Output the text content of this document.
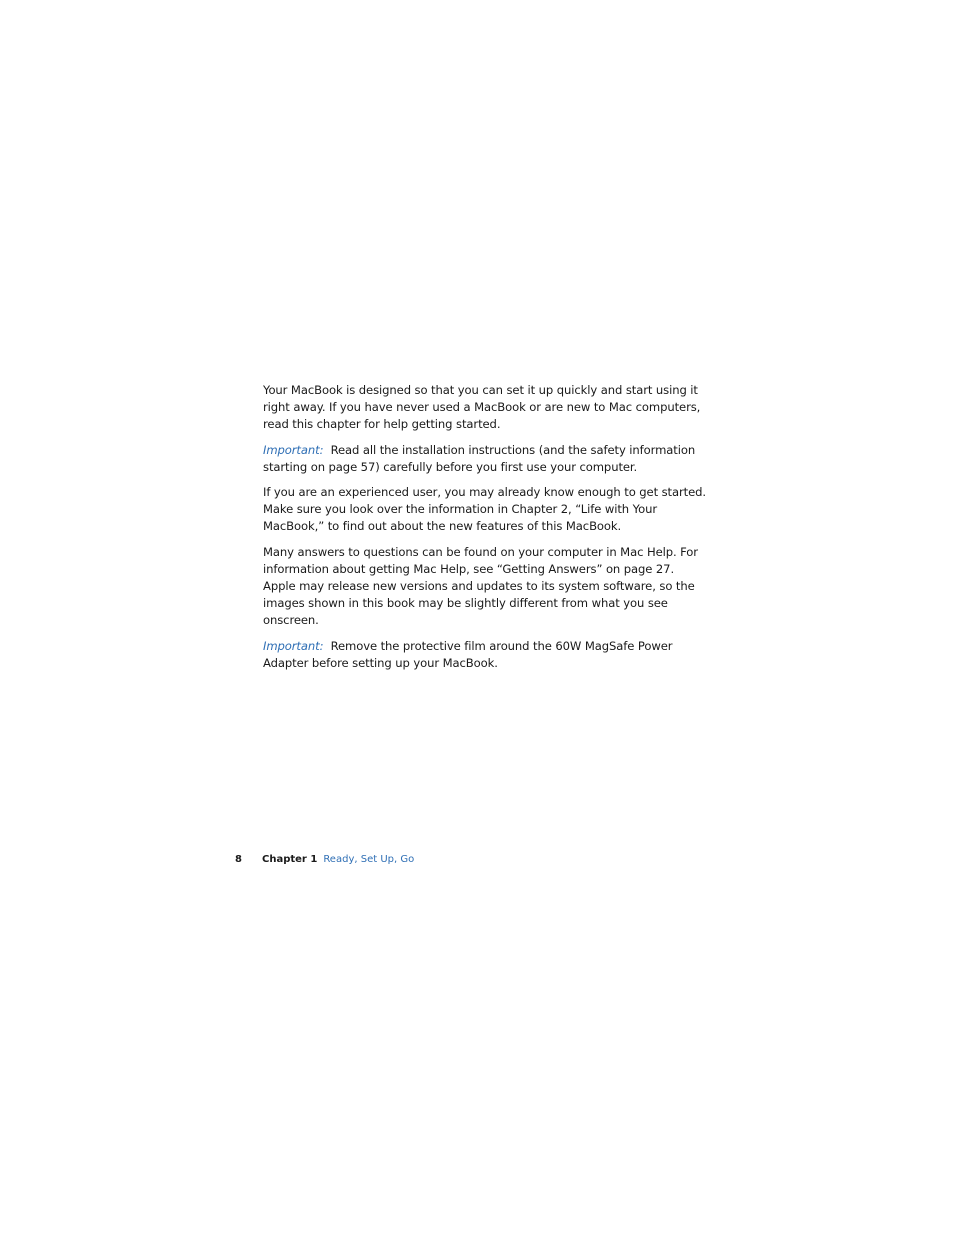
Your MacBook is designed so that you can set it up quickly and start using it right away. If you have never used a MacBook or are new to Mac computers, read this chapter for help getting started.

Important: Read all the installation instructions (and the safety information starting on page 57) carefully before you first use your computer.

If you are an experienced user, you may already know enough to get started.
Make sure you look over the information in Chapter 2, “Life with Your MacBook,” to find out about the new features of this MacBook.

Many answers to questions can be found on your computer in Mac Help. For information about getting Mac Help, see “Getting Answers” on page 27. Apple may release new versions and updates to its system software, so the images shown in this book may be slightly different from what you see onscreen.

Important: Remove the protective film around the 60W MagSafe Power Adapter before setting up your MacBook.

8 Chapter 1 Ready, Set Up, Go
